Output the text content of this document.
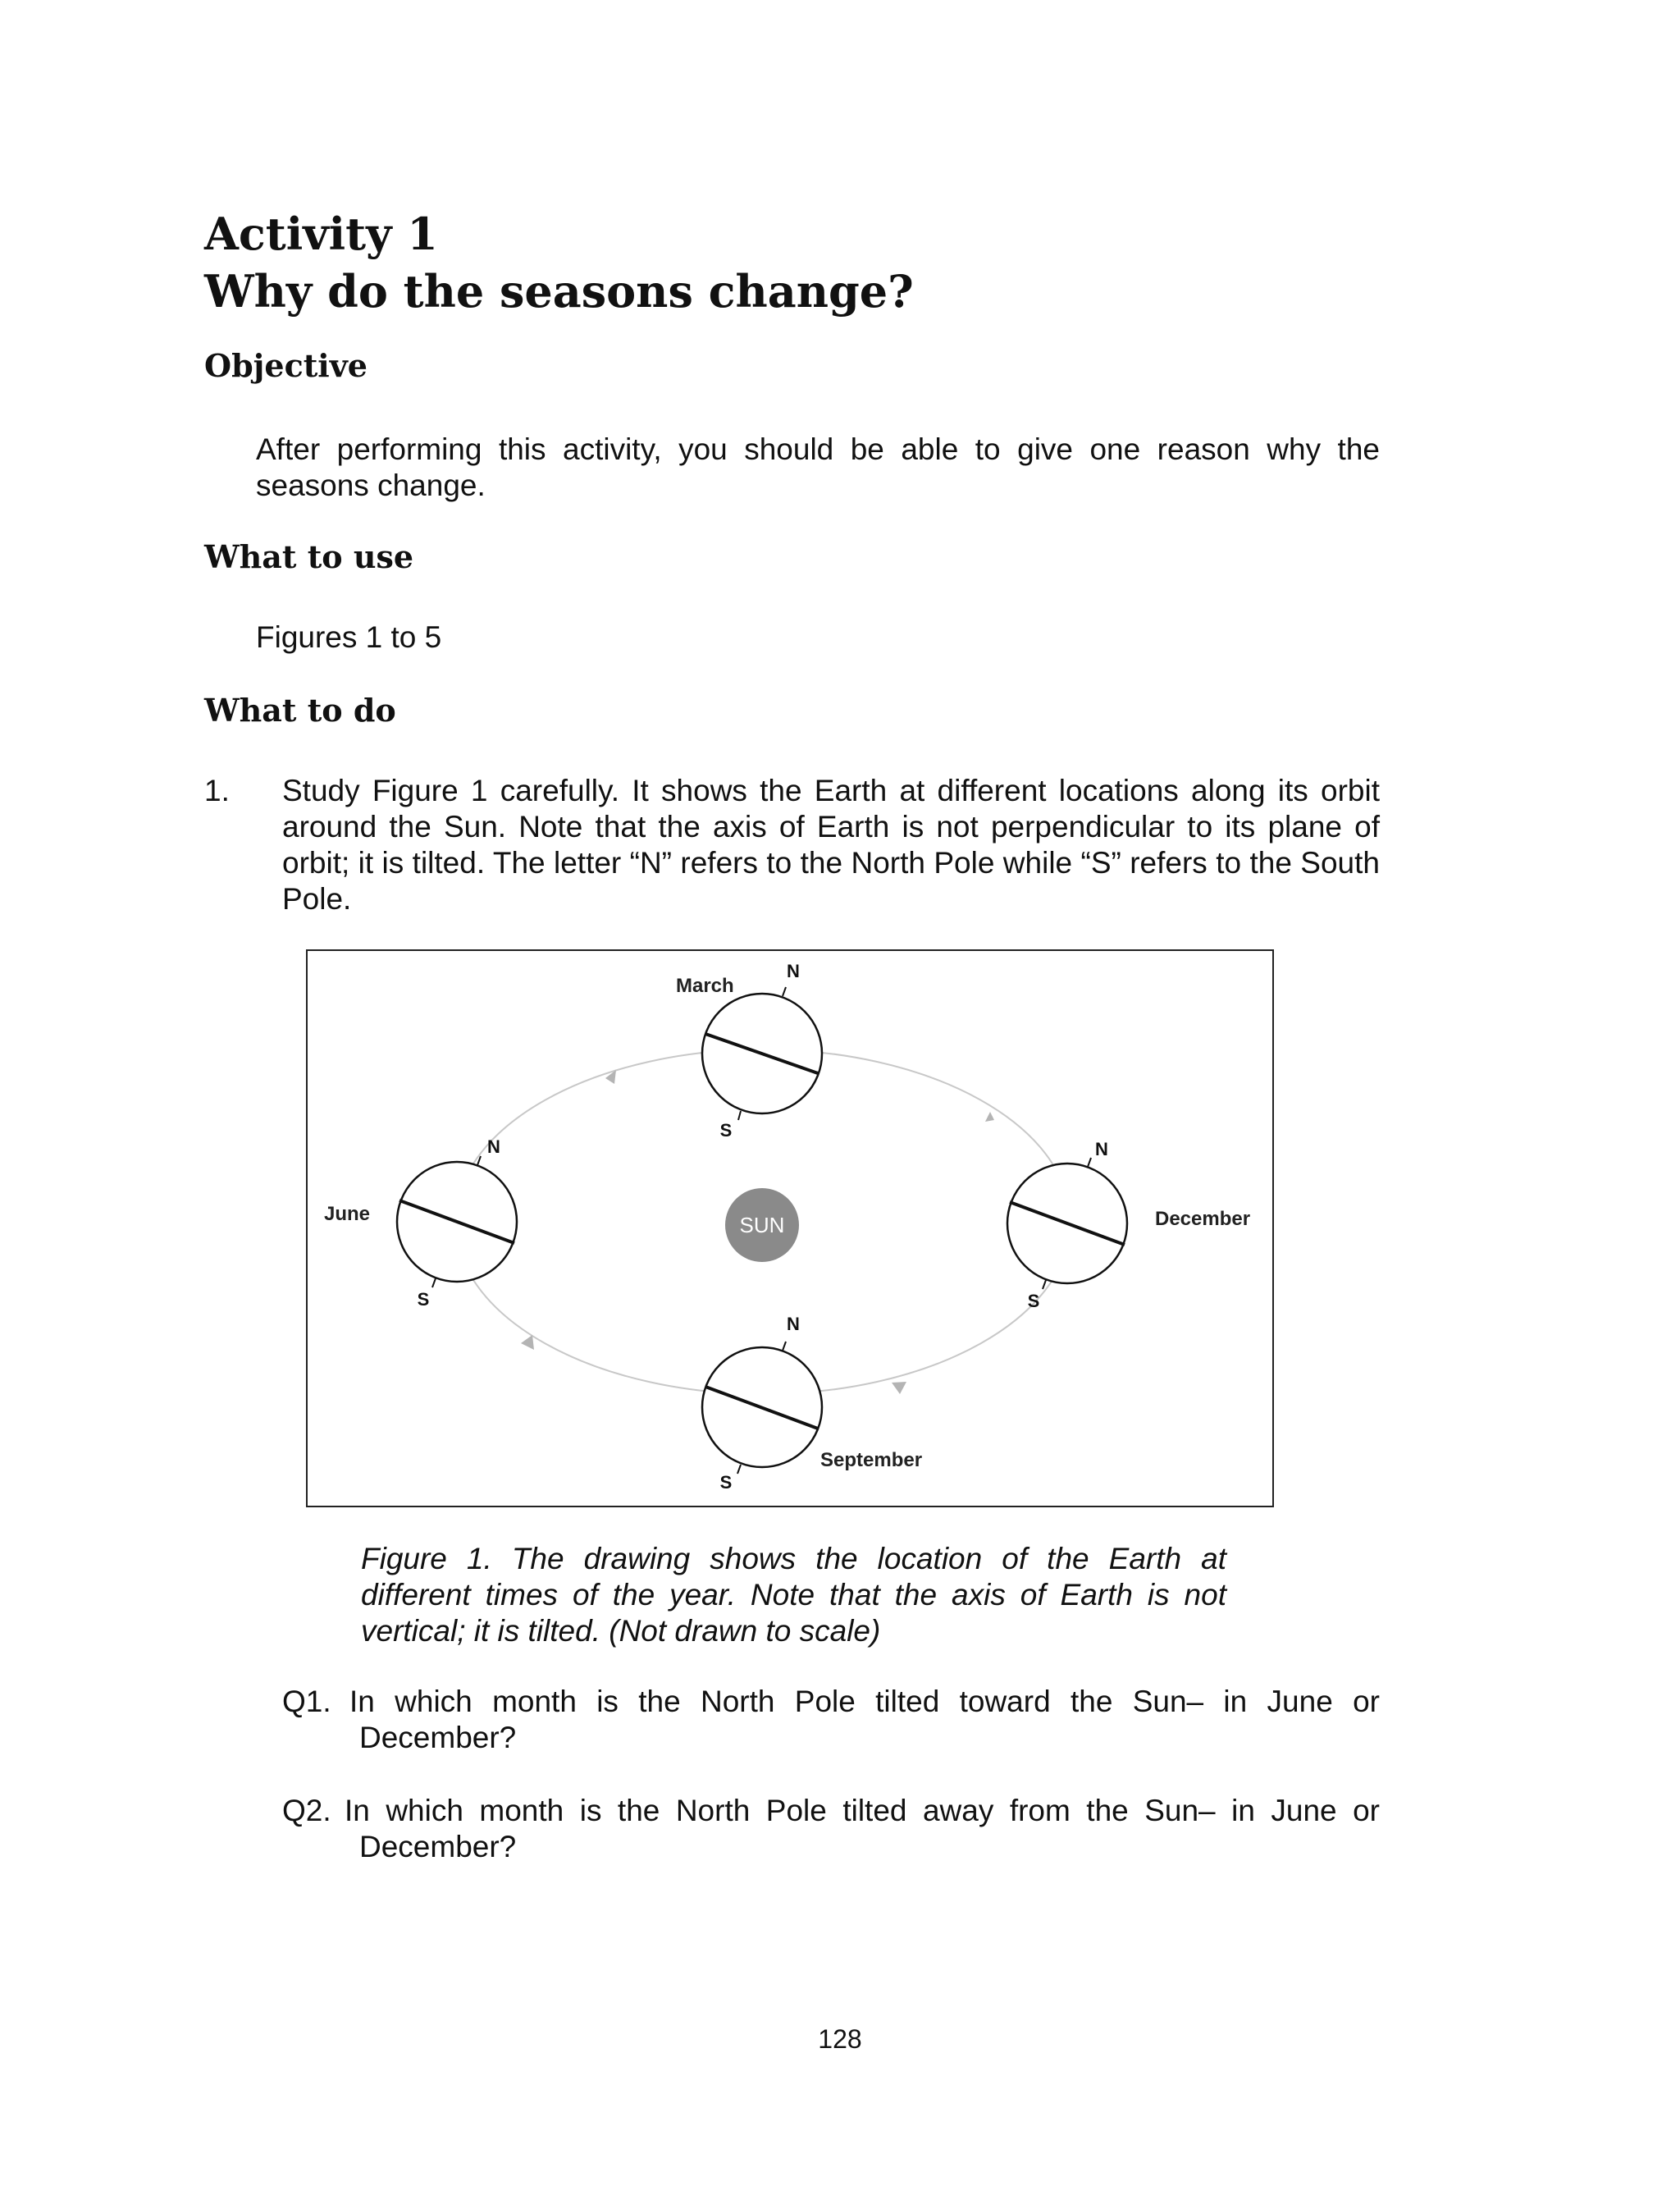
Activity 1
Why do the seasons change?
Objective

After performing this activity, you should be able to give one reason why the seasons change.

What to use

Figures 1 to 5

What to do
1. Study Figure 1 carefully. It shows the Earth at different locations along its orbit around the Sun. Note that the axis of Earth is not perpendicular to its plane of orbit; it is tilted. The letter “N” refers to the North Pole while “S” refers to the South Pole.

SUN
N
S
March
N
S
June
N
S
December
N
S
September

Figure 1. The drawing shows the location of the Earth at different times of the year. Note that the axis of Earth is not vertical; it is tilted. (Not drawn to scale)

Q1. In which month is the North Pole tilted toward the Sun– in June or December?

Q2. In which month is the North Pole tilted away from the Sun– in June or December?

128
